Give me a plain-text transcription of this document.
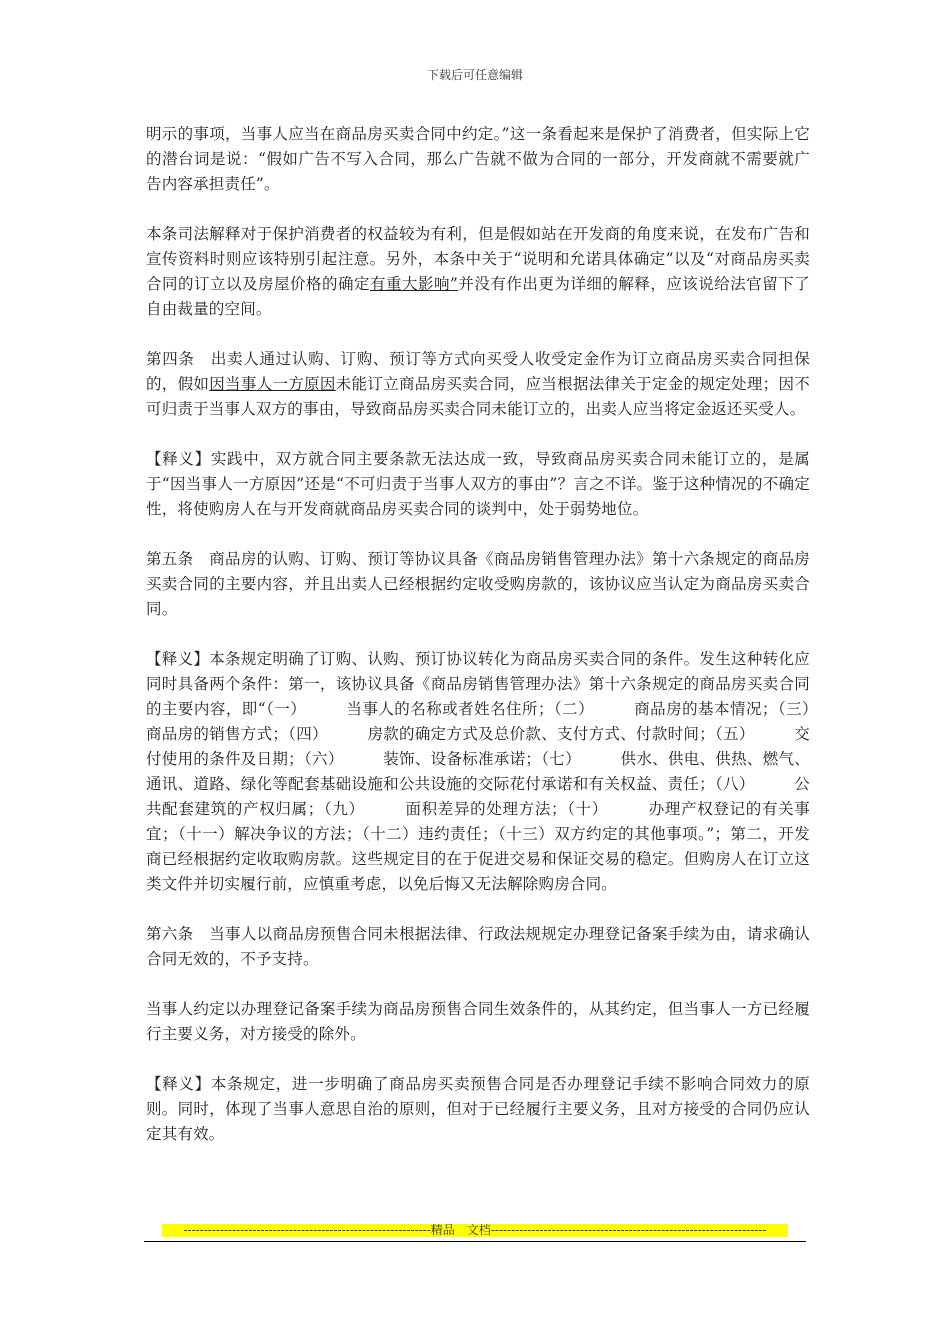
下载后可任意编辑

明示的事项，当事人应当在商品房买卖合同中约定。”这一条看起来是保护了消费者，但实际上它的潜台词是说：“假如广告不写入合同，那么广告就不做为合同的一部分，开发商就不需要就广告内容承担责任”。

本条司法解释对于保护消费者的权益较为有利，但是假如站在开发商的角度来说，在发布广告和宣传资料时则应该特别引起注意。另外，本条中关于“说明和允诺具体确定”以及“对商品房买卖合同的订立以及房屋价格的确定有重大影响”并没有作出更为详细的解释，应该说给法官留下了自由裁量的空间。

第四条　出卖人通过认购、订购、预订等方式向买受人收受定金作为订立商品房买卖合同担保的，假如因当事人一方原因未能订立商品房买卖合同，应当根据法律关于定金的规定处理；因不可归责于当事人双方的事由，导致商品房买卖合同未能订立的，出卖人应当将定金返还买受人。

【释义】实践中，双方就合同主要条款无法达成一致，导致商品房买卖合同未能订立的，是属于“因当事人一方原因”还是“不可归责于当事人双方的事由”？言之不详。鉴于这种情况的不确定性，将使购房人在与开发商就商品房买卖合同的谈判中，处于弱势地位。

第五条　商品房的认购、订购、预订等协议具备《商品房销售管理办法》第十六条规定的商品房买卖合同的主要内容，并且出卖人已经根据约定收受购房款的，该协议应当认定为商品房买卖合同。

【释义】本条规定明确了订购、认购、预订协议转化为商品房买卖合同的条件。发生这种转化应同时具备两个条件：第一，该协议具备《商品房销售管理办法》第十六条规定的商品房买卖合同的主要内容，即“（一）　　　当事人的名称或者姓名住所；（二）　　　商品房的基本情况；（三）　　　商品房的销售方式；（四）　　　房款的确定方式及总价款、支付方式、付款时间；（五）　　　交付使用的条件及日期；（六）　　　装饰、设备标准承诺；（七）　　　供水、供电、供热、燃气、通讯、道路、绿化等配套基础设施和公共设施的交际花付承诺和有关权益、责任；（八）　　　公共配套建筑的产权归属；（九）　　　面积差异的处理方法；（十）　　　办理产权登记的有关事宜；（十一）解决争议的方法；（十二）违约责任；（十三）双方约定的其他事项。”；第二，开发商已经根据约定收取购房款。这些规定目的在于促进交易和保证交易的稳定。但购房人在订立这类文件并切实履行前，应慎重考虑，以免后悔又无法解除购房合同。

第六条　当事人以商品房预售合同未根据法律、行政法规规定办理登记备案手续为由，请求确认合同无效的，不予支持。

当事人约定以办理登记备案手续为商品房预售合同生效条件的，从其约定，但当事人一方已经履行主要义务，对方接受的除外。

【释义】本条规定，进一步明确了商品房买卖预售合同是否办理登记手续不影响合同效力的原则。同时，体现了当事人意思自治的原则，但对于已经履行主要义务，且对方接受的合同仍应认定其有效。

-------------------------------------------------------------精品　文档--------------------------------------------------------------------
